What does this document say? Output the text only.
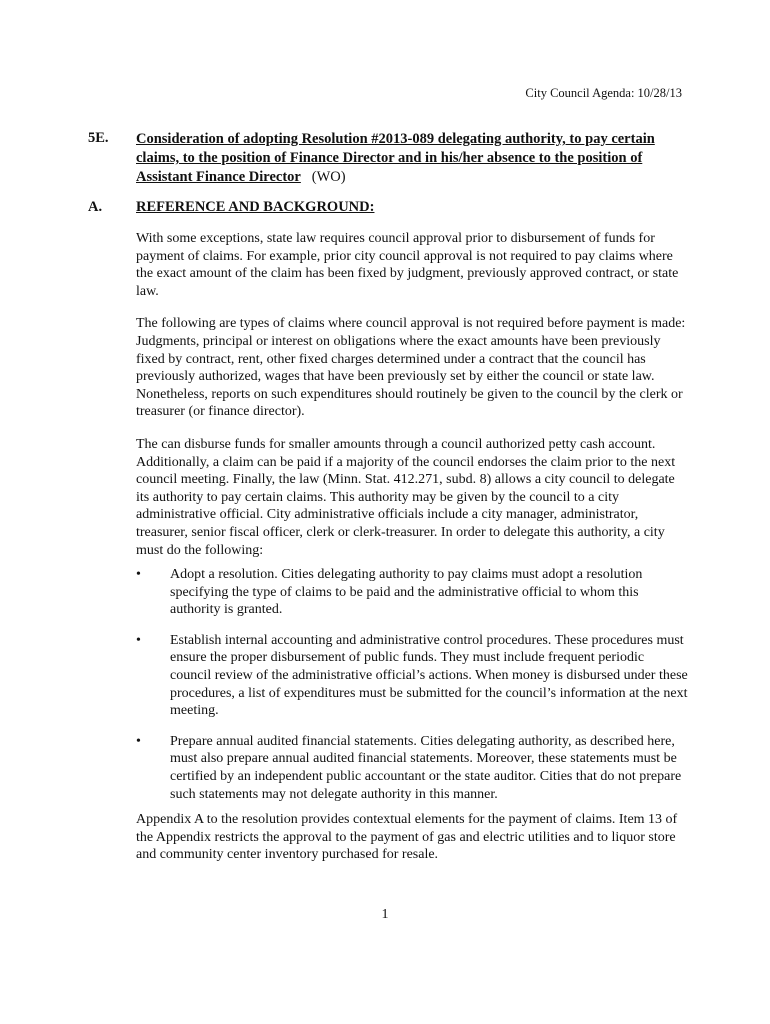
City Council Agenda: 10/28/13
5E. Consideration of adopting Resolution #2013-089 delegating authority, to pay certain claims, to the position of Finance Director and in his/her absence to the position of Assistant Finance Director (WO)
A. REFERENCE AND BACKGROUND:

With some exceptions, state law requires council approval prior to disbursement of funds for payment of claims. For example, prior city council approval is not required to pay claims where the exact amount of the claim has been fixed by judgment, previously approved contract, or state law.

The following are types of claims where council approval is not required before payment is made: Judgments, principal or interest on obligations where the exact amounts have been previously fixed by contract, rent, other fixed charges determined under a contract that the council has previously authorized, wages that have been previously set by either the council or state law. Nonetheless, reports on such expenditures should routinely be given to the council by the clerk or treasurer (or finance director).

The can disburse funds for smaller amounts through a council authorized petty cash account. Additionally, a claim can be paid if a majority of the council endorses the claim prior to the next council meeting. Finally, the law (Minn. Stat. 412.271, subd. 8) allows a city council to delegate its authority to pay certain claims. This authority may be given by the council to a city administrative official. City administrative officials include a city manager, administrator, treasurer, senior fiscal officer, clerk or clerk-treasurer. In order to delegate this authority, a city must do the following:

• Adopt a resolution. Cities delegating authority to pay claims must adopt a resolution specifying the type of claims to be paid and the administrative official to whom this authority is granted.
• Establish internal accounting and administrative control procedures. These procedures must ensure the proper disbursement of public funds. They must include frequent periodic council review of the administrative official’s actions. When money is disbursed under these procedures, a list of expenditures must be submitted for the council’s information at the next meeting.
• Prepare annual audited financial statements. Cities delegating authority, as described here, must also prepare annual audited financial statements. Moreover, these statements must be certified by an independent public accountant or the state auditor. Cities that do not prepare such statements may not delegate authority in this manner.

Appendix A to the resolution provides contextual elements for the payment of claims. Item 13 of the Appendix restricts the approval to the payment of gas and electric utilities and to liquor store and community center inventory purchased for resale.

1
